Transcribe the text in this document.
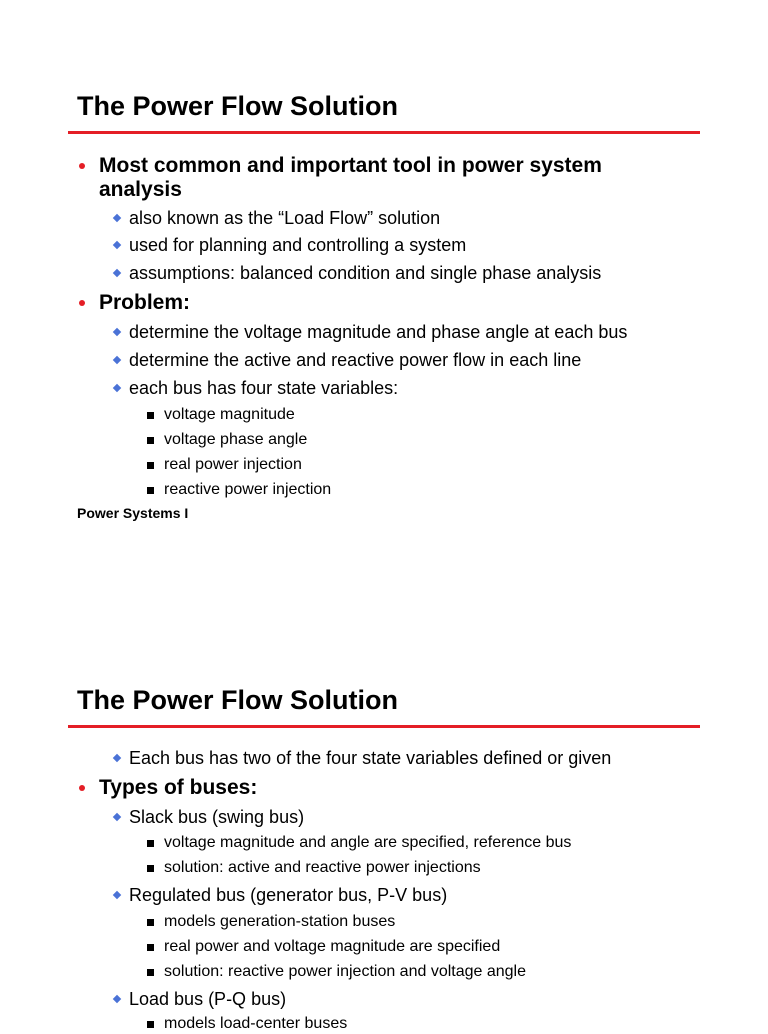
The Power Flow Solution
Most common and important tool in power system
analysis
also known as the “Load Flow” solution
used for planning and controlling a system
assumptions: balanced condition and single phase analysis
Problem:
determine the voltage magnitude and phase angle at each bus
determine the active and reactive power flow in each line
each bus has four state variables:
voltage magnitude
voltage phase angle
real power injection
reactive power injection
Power Systems I
The Power Flow Solution
Each bus has two of the four state variables defined or given
Types of buses:
Slack bus (swing bus)
voltage magnitude and angle are specified, reference bus
solution: active and reactive power injections
Regulated bus (generator bus, P-V bus)
models generation-station buses
real power and voltage magnitude are specified
solution: reactive power injection and voltage angle
Load bus (P-Q bus)
models load-center buses
